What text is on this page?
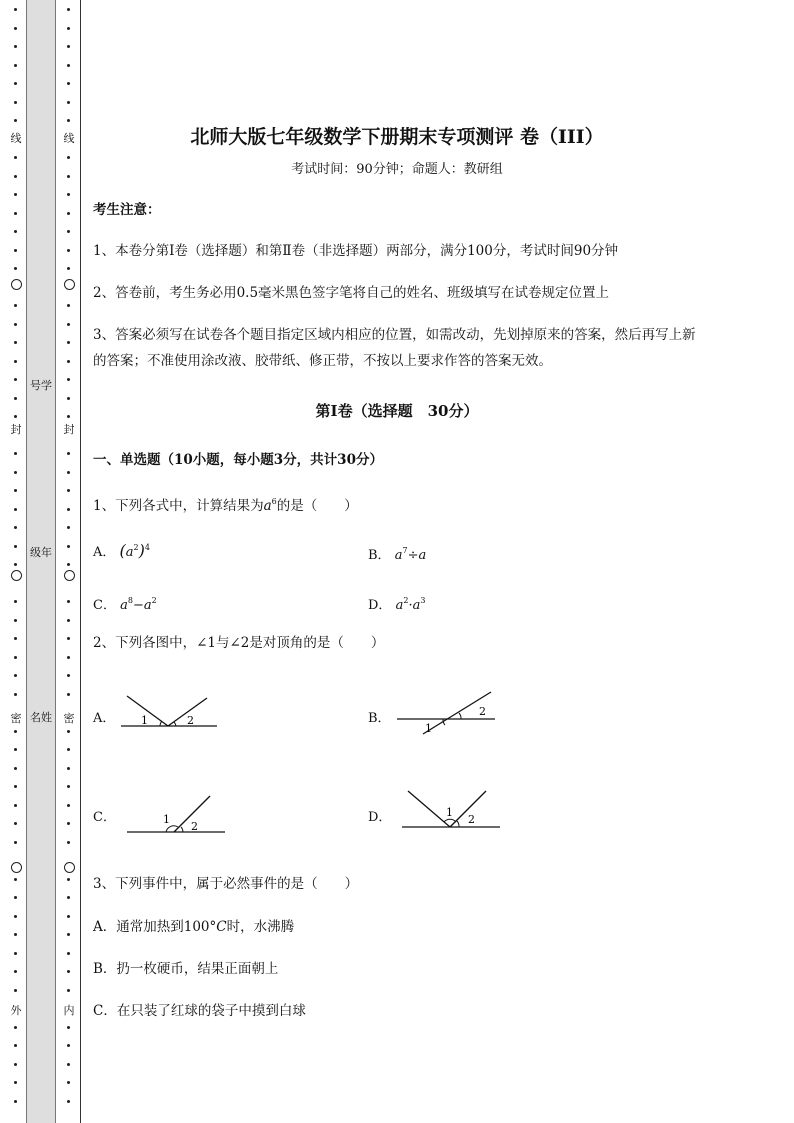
线
封
密
外
号学
级年
名姓
线
封
密
内
北师大版七年级数学下册期末专项测评 卷（III）
考试时间：90分钟；命题人：教研组
考生注意：
1、本卷分第I卷（选择题）和第Ⅱ卷（非选择题）两部分，满分100分，考试时间90分钟
2、答卷前，考生务必用0.5毫米黑色签字笔将自己的姓名、班级填写在试卷规定位置上
3、答案必须写在试卷各个题目指定区域内相应的位置，如需改动，先划掉原来的答案，然后再写上新
的答案；不准使用涂改液、胶带纸、修正带，不按以上要求作答的答案无效。
第I卷（选择题　30分）
一、单选题（10小题，每小题3分，共计30分）
1、下列各式中，计算结果为$a^6$的是（　　）
A． $(a^2)^4$
B． $a^7\div a$
C． $a^8-a^2$	D． $a^2\cdot a^3$
2、下列各图中，∠1与∠2是对顶角的是（　　）
A． 1	2	B．	2
1
C．	1
2
D．	1
2
3、下列事件中，属于必然事件的是（　　）
A．通常加热到100°C时，水沸腾
B．扔一枚硬币，结果正面朝上
C．在只装了红球的袋子中摸到白球
